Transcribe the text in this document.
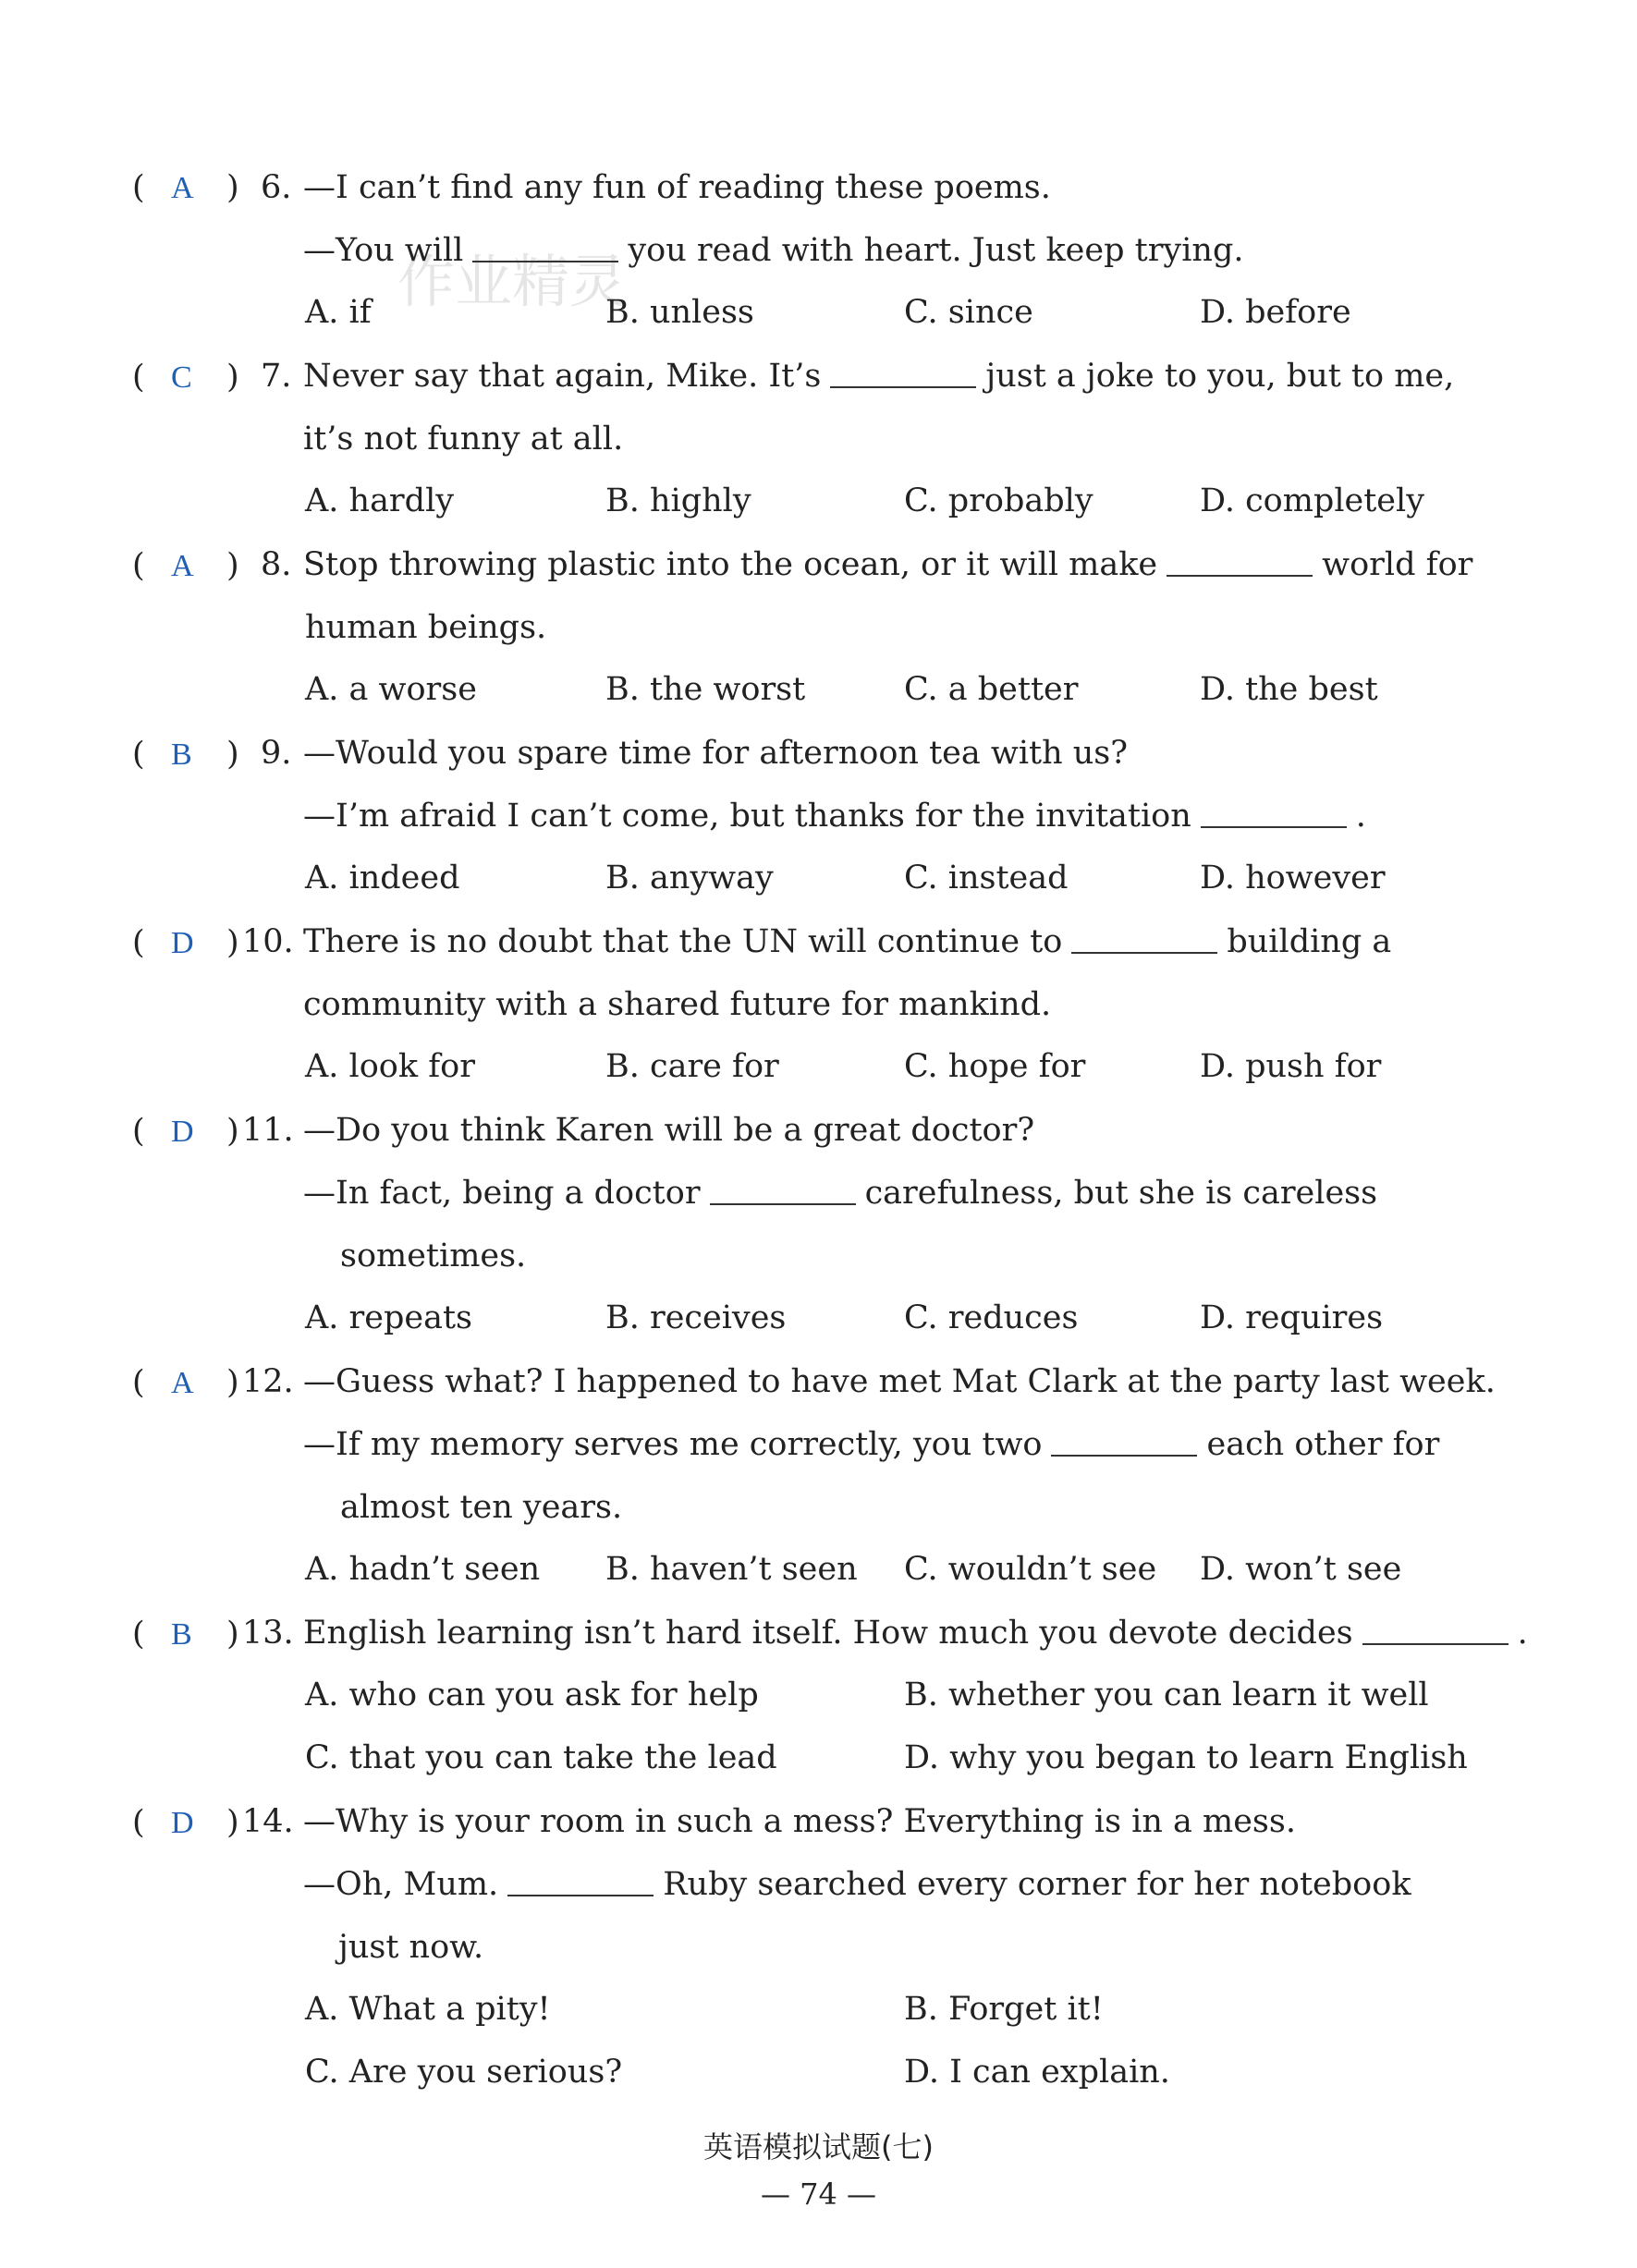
作业精灵
( A ) 6. —I can’t find any fun of reading these poems.
—You will	you read with heart. Just keep trying.
A. if	B. unless	C. since	D. before
( C ) 7. Never say that again, Mike. It’s	just a joke to you, but to me,
it’s not funny at all.
A. hardly	B. highly	C. probably	D. completely
( A ) 8. Stop throwing plastic into the ocean, or it will make	world for
human beings.
A. a worse	B. the worst	C. a better	D. the best
( B ) 9. —Would you spare time for afternoon tea with us?
—I’m afraid I can’t come, but thanks for the invitation	.
A. indeed	B. anyway	C. instead	D. however
( D ) 10. There is no doubt that the UN will continue to	building a
community with a shared future for mankind.
A. look for	B. care for	C. hope for	D. push for
( D ) 11. —Do you think Karen will be a great doctor?
—In fact, being a doctor	carefulness, but she is careless
sometimes.
A. repeats	B. receives	C. reduces	D. requires
( A ) 12. —Guess what? I happened to have met Mat Clark at the party last week.
—If my memory serves me correctly, you two	each other for
almost ten years.
A. hadn’t seen B. haven’t seen C. wouldn’t see D. won’t see
( B ) 13. English learning isn’t hard itself. How much you devote decides	.
A. who can you ask for help	B. whether you can learn it well
C. that you can take the lead	D. why you began to learn English
( D ) 14. —Why is your room in such a mess? Everything is in a mess.
—Oh, Mum.	Ruby searched every corner for her notebook
just now.
A. What a pity!	B. Forget it!
C. Are you serious?	D. I can explain.
英语模拟试题(七)
— 74 —
